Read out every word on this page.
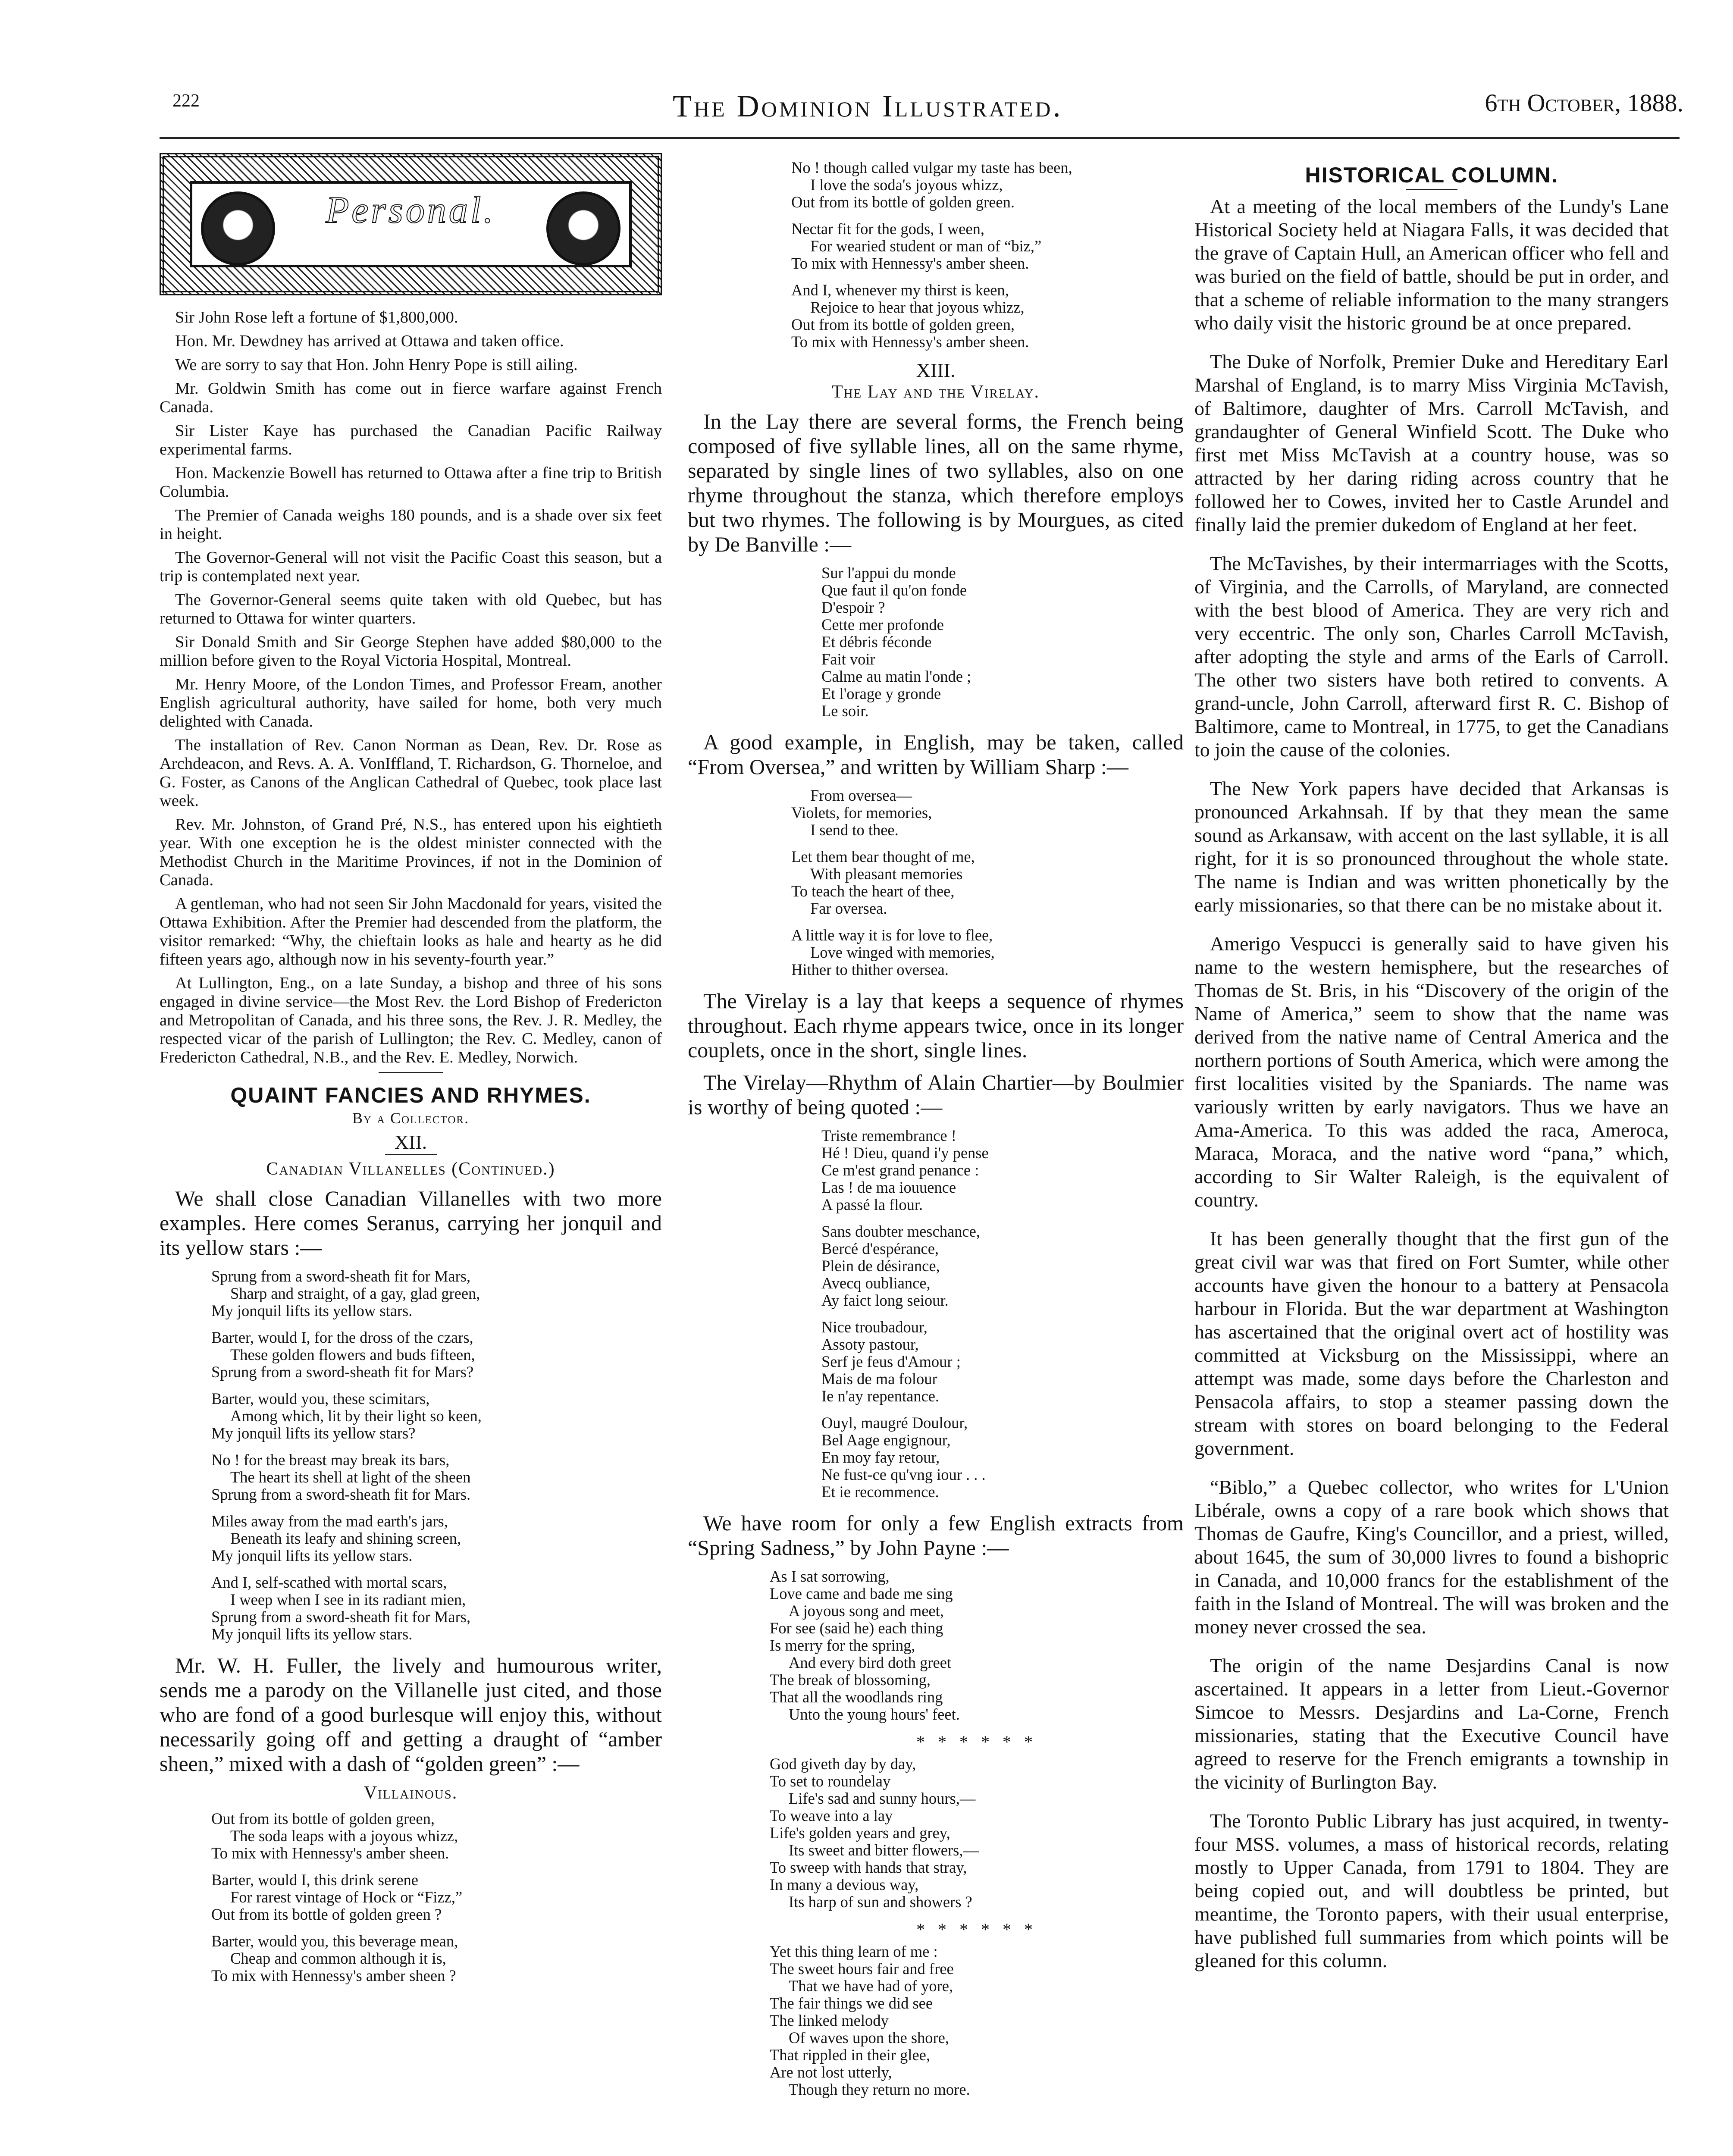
222	The Dominion Illustrated.	6th October, 1888.
Personal.

Sir John Rose left a fortune of $1,800,000.

Hon. Mr. Dewdney has arrived at Ottawa and taken office.

We are sorry to say that Hon. John Henry Pope is still ailing.

Mr. Goldwin Smith has come out in fierce warfare against French Canada.

Sir Lister Kaye has purchased the Canadian Pacific Railway experimental farms.

Hon. Mackenzie Bowell has returned to Ottawa after a fine trip to British Columbia.

The Premier of Canada weighs 180 pounds, and is a shade over six feet in height.

The Governor-General will not visit the Pacific Coast this season, but a trip is contemplated next year.

The Governor-General seems quite taken with old Quebec, but has returned to Ottawa for winter quarters.

Sir Donald Smith and Sir George Stephen have added $80,000 to the million before given to the Royal Victoria Hospital, Montreal.

Mr. Henry Moore, of the London Times, and Professor Fream, another English agricultural authority, have sailed for home, both very much delighted with Canada.

The installation of Rev. Canon Norman as Dean, Rev. Dr. Rose as Archdeacon, and Revs. A. A. VonIffland, T. Richardson, G. Thorneloe, and G. Foster, as Canons of the Anglican Cathedral of Quebec, took place last week.

Rev. Mr. Johnston, of Grand Pré, N.S., has entered upon his eightieth year. With one exception he is the oldest minister connected with the Methodist Church in the Maritime Provinces, if not in the Dominion of Canada.

A gentleman, who had not seen Sir John Macdonald for years, visited the Ottawa Exhibition. After the Premier had descended from the platform, the visitor remarked: “Why, the chieftain looks as hale and hearty as he did fifteen years ago, although now in his seventy-fourth year.”

At Lullington, Eng., on a late Sunday, a bishop and three of his sons engaged in divine service—the Most Rev. the Lord Bishop of Fredericton and Metropolitan of Canada, and his three sons, the Rev. J. R. Medley, the respected vicar of the parish of Lullington; the Rev. C. Medley, canon of Fredericton Cathedral, N.B., and the Rev. E. Medley, Norwich.

QUAINT FANCIES AND RHYMES.
By a Collector.
XII.
Canadian Villanelles (Continued.)

We shall close Canadian Villanelles with two more examples. Here comes Seranus, carrying her jonquil and its yellow stars :—

Sprung from a sword-sheath fit for Mars,
Sharp and straight, of a gay, glad green,
My jonquil lifts its yellow stars.
Barter, would I, for the dross of the czars,
These golden flowers and buds fifteen,
Sprung from a sword-sheath fit for Mars?
Barter, would you, these scimitars,
Among which, lit by their light so keen,
My jonquil lifts its yellow stars?
No ! for the breast may break its bars,
The heart its shell at light of the sheen
Sprung from a sword-sheath fit for Mars.
Miles away from the mad earth's jars,
Beneath its leafy and shining screen,
My jonquil lifts its yellow stars.
And I, self-scathed with mortal scars,
I weep when I see in its radiant mien,
Sprung from a sword-sheath fit for Mars,
My jonquil lifts its yellow stars.

Mr. W. H. Fuller, the lively and humourous writer, sends me a parody on the Villanelle just cited, and those who are fond of a good burlesque will enjoy this, without necessarily going off and getting a draught of “amber sheen,” mixed with a dash of “golden green” :—

Villainous.
Out from its bottle of golden green,
The soda leaps with a joyous whizz,
To mix with Hennessy's amber sheen.
Barter, would I, this drink serene
For rarest vintage of Hock or “Fizz,”
Out from its bottle of golden green ?
Barter, would you, this beverage mean,
Cheap and common although it is,
To mix with Hennessy's amber sheen ?
No ! though called vulgar my taste has been,
I love the soda's joyous whizz,
Out from its bottle of golden green.
Nectar fit for the gods, I ween,
For wearied student or man of “biz,”
To mix with Hennessy's amber sheen.
And I, whenever my thirst is keen,
Rejoice to hear that joyous whizz,
Out from its bottle of golden green,
To mix with Hennessy's amber sheen.
XIII.
The Lay and the Virelay.

In the Lay there are several forms, the French being composed of five syllable lines, all on the same rhyme, separated by single lines of two syllables, also on one rhyme throughout the stanza, which therefore employs but two rhymes. The following is by Mourgues, as cited by De Banville :—

Sur l'appui du monde
Que faut il qu'on fonde
D'espoir ?
Cette mer profonde
Et débris féconde
Fait voir
Calme au matin l'onde ;
Et l'orage y gronde
Le soir.

A good example, in English, may be taken, called “From Oversea,” and written by William Sharp :—

From oversea—
Violets, for memories,
I send to thee.
Let them bear thought of me,
With pleasant memories
To teach the heart of thee,
Far oversea.
A little way it is for love to flee,
Love winged with memories,
Hither to thither oversea.

The Virelay is a lay that keeps a sequence of rhymes throughout. Each rhyme appears twice, once in its longer couplets, once in the short, single lines.

The Virelay—Rhythm of Alain Chartier—by Boulmier is worthy of being quoted :—

Triste remembrance !
Hé ! Dieu, quand i'y pense
Ce m'est grand penance :
Las ! de ma iouuence
A passé la flour.
Sans doubter meschance,
Bercé d'espérance,
Plein de désirance,
Avecq oubliance,
Ay faict long seiour.
Nice troubadour,
Assoty pastour,
Serf je feus d'Amour ;
Mais de ma folour
Ie n'ay repentance.
Ouyl, maugré Doulour,
Bel Aage engignour,
En moy fay retour,
Ne fust-ce qu'vng iour . . .
Et ie recommence.

We have room for only a few English extracts from “Spring Sadness,” by John Payne :—

As I sat sorrowing,
Love came and bade me sing
A joyous song and meet,
For see (said he) each thing
Is merry for the spring,
And every bird doth greet
The break of blossoming,
That all the woodlands ring
Unto the young hours' feet.
* * * * * *
God giveth day by day,
To set to roundelay
Life's sad and sunny hours,—
To weave into a lay
Life's golden years and grey,
Its sweet and bitter flowers,—
To sweep with hands that stray,
In many a devious way,
Its harp of sun and showers ?
* * * * * *
Yet this thing learn of me :
The sweet hours fair and free
That we have had of yore,
The fair things we did see
The linked melody
Of waves upon the shore,
That rippled in their glee,
Are not lost utterly,
Though they return no more.
HISTORICAL COLUMN.

At a meeting of the local members of the Lundy's Lane Historical Society held at Niagara Falls, it was decided that the grave of Captain Hull, an American officer who fell and was buried on the field of battle, should be put in order, and that a scheme of reliable information to the many strangers who daily visit the historic ground be at once prepared.

The Duke of Norfolk, Premier Duke and Hereditary Earl Marshal of England, is to marry Miss Virginia McTavish, of Baltimore, daughter of Mrs. Carroll McTavish, and grandaughter of General Winfield Scott. The Duke who first met Miss McTavish at a country house, was so attracted by her daring riding across country that he followed her to Cowes, invited her to Castle Arundel and finally laid the premier dukedom of England at her feet.

The McTavishes, by their intermarriages with the Scotts, of Virginia, and the Carrolls, of Maryland, are connected with the best blood of America. They are very rich and very eccentric. The only son, Charles Carroll McTavish, after adopting the style and arms of the Earls of Carroll. The other two sisters have both retired to convents. A grand-uncle, John Carroll, afterward first R. C. Bishop of Baltimore, came to Montreal, in 1775, to get the Canadians to join the cause of the colonies.

The New York papers have decided that Arkansas is pronounced Arkahnsah. If by that they mean the same sound as Arkansaw, with accent on the last syllable, it is all right, for it is so pronounced throughout the whole state. The name is Indian and was written phonetically by the early missionaries, so that there can be no mistake about it.

Amerigo Vespucci is generally said to have given his name to the western hemisphere, but the researches of Thomas de St. Bris, in his “Discovery of the origin of the Name of America,” seem to show that the name was derived from the native name of Central America and the northern portions of South America, which were among the first localities visited by the Spaniards. The name was variously written by early navigators. Thus we have an Ama-America. To this was added the raca, Ameroca, Maraca, Moraca, and the native word “pana,” which, according to Sir Walter Raleigh, is the equivalent of country.

It has been generally thought that the first gun of the great civil war was that fired on Fort Sumter, while other accounts have given the honour to a battery at Pensacola harbour in Florida. But the war department at Washington has ascertained that the original overt act of hostility was committed at Vicksburg on the Mississippi, where an attempt was made, some days before the Charleston and Pensacola affairs, to stop a steamer passing down the stream with stores on board belonging to the Federal government.

“Biblo,” a Quebec collector, who writes for L'Union Libérale, owns a copy of a rare book which shows that Thomas de Gaufre, King's Councillor, and a priest, willed, about 1645, the sum of 30,000 livres to found a bishopric in Canada, and 10,000 francs for the establishment of the faith in the Island of Montreal. The will was broken and the money never crossed the sea.

The origin of the name Desjardins Canal is now ascertained. It appears in a letter from Lieut.-Governor Simcoe to Messrs. Desjardins and La-Corne, French missionaries, stating that the Executive Council have agreed to reserve for the French emigrants a township in the vicinity of Burlington Bay.

The Toronto Public Library has just acquired, in twenty-four MSS. volumes, a mass of historical records, relating mostly to Upper Canada, from 1791 to 1804. They are being copied out, and will doubtless be printed, but meantime, the Toronto papers, with their usual enterprise, have published full summaries from which points will be gleaned for this column.
